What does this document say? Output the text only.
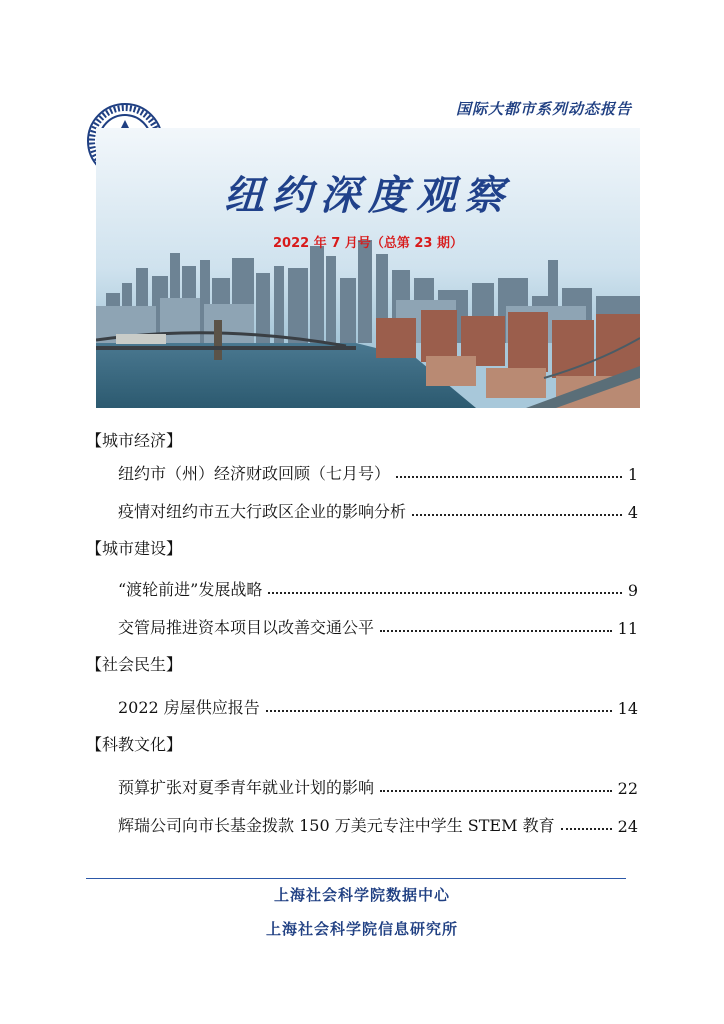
国际大都市系列动态报告
纽约深度观察
2022 年 7 月号（总第 23 期）
【城市经济】
纽约市（州）经济财政回顾（七月号）	1
疫情对纽约市五大行政区企业的影响分析	4
【城市建设】
“渡轮前进”发展战略	9
交管局推进资本项目以改善交通公平	11
【社会民生】
2022 房屋供应报告	14
【科教文化】
预算扩张对夏季青年就业计划的影响	22
辉瑞公司向市长基金拨款 150 万美元专注中学生 STEM 教育	24
上海社会科学院数据中心
上海社会科学院信息研究所
